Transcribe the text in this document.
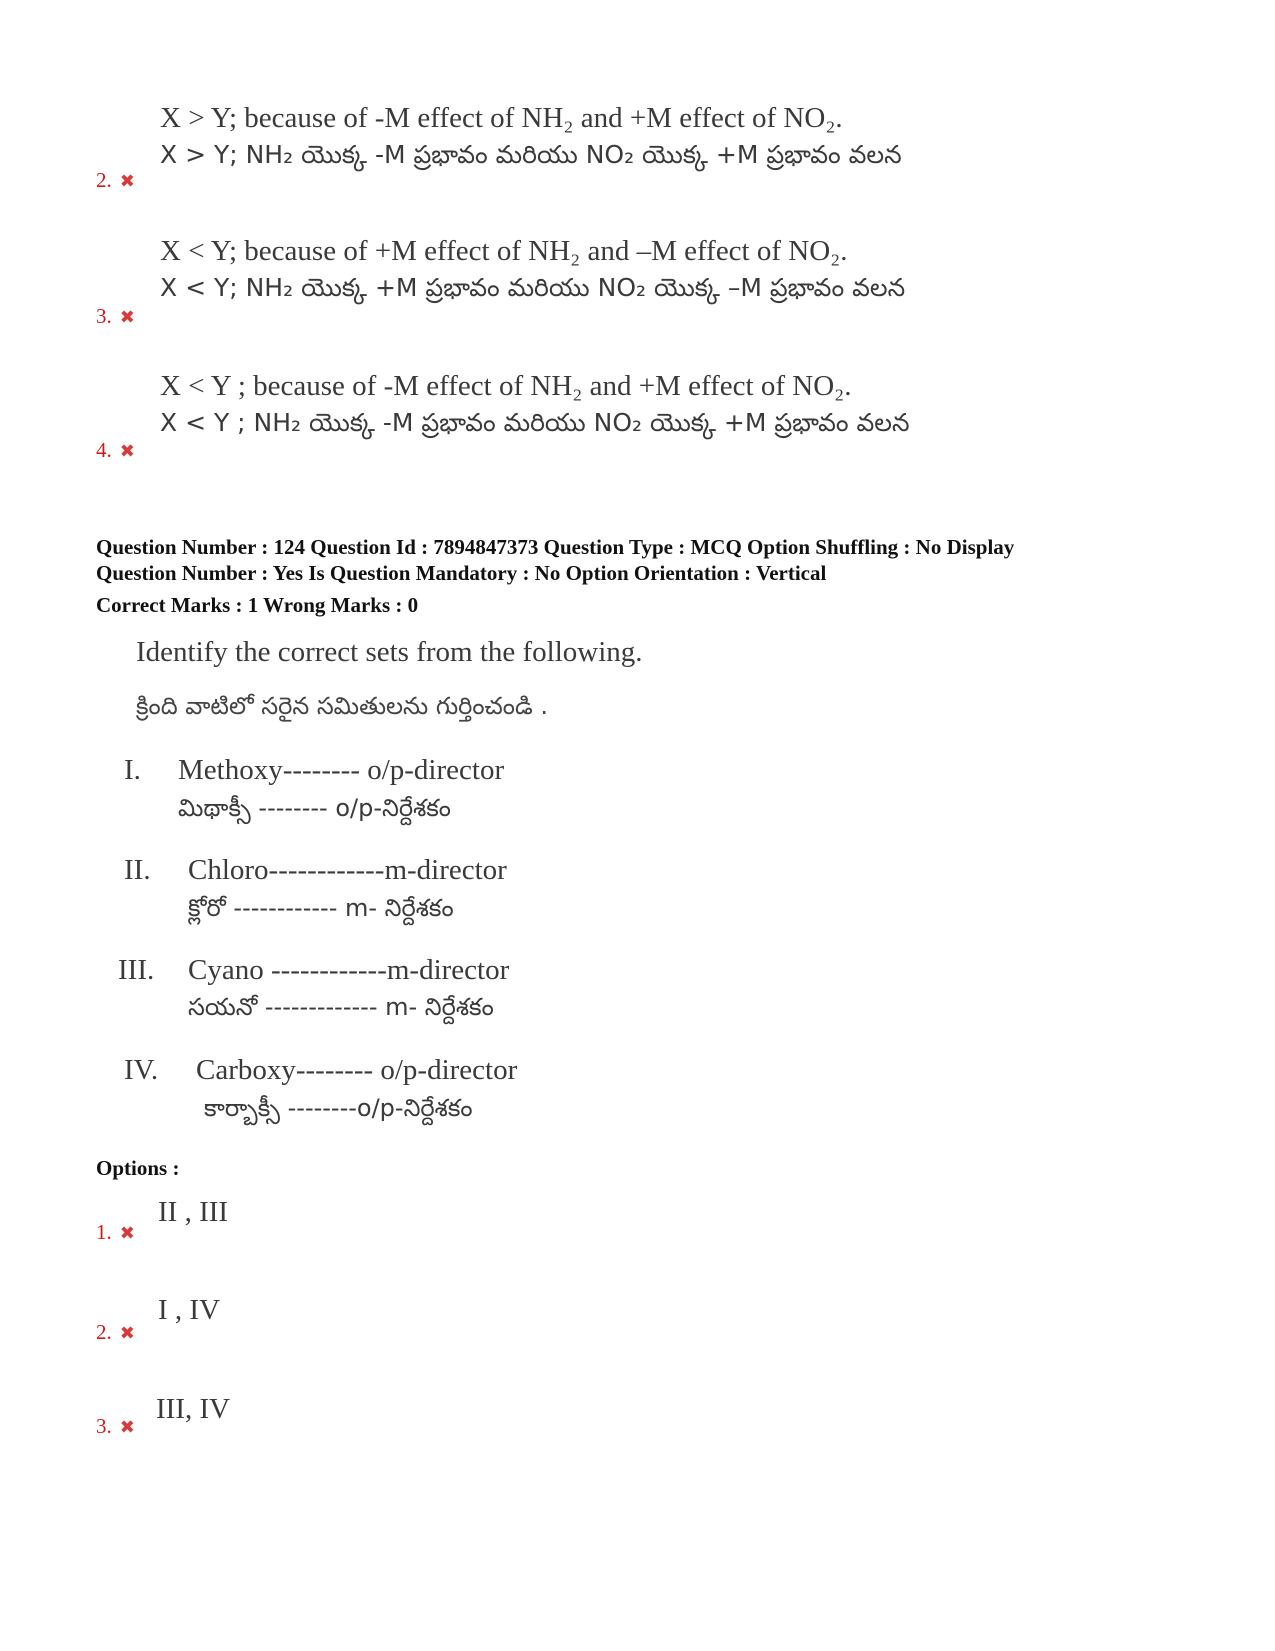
X > Y; because of -M effect of NH₂ and +M effect of NO₂.
X > Y; NH₂ యొక్క -M ప్రభావం మరియు NO₂ యొక్క +M ప్రభావం వలన
2. ✖
X < Y; because of +M effect of NH₂ and –M effect of NO₂.
X < Y; NH₂ యొక్క +M ప్రభావం మరియు NO₂ యొక్క –M ప్రభావం వలన
3. ✖
X < Y ; because of -M effect of NH₂ and +M effect of NO₂.
X < Y ; NH₂ యొక్క -M ప్రభావం మరియు NO₂ యొక్క +M ప్రభావం వలన
4. ✖
Question Number : 124 Question Id : 7894847373 Question Type : MCQ Option Shuffling : No Display
Question Number : Yes Is Question Mandatory : No Option Orientation : Vertical
Correct Marks : 1 Wrong Marks : 0
Identify the correct sets from the following.
క్రింది వాటిలో సరైన సమితులను గుర్తించండి .
I. Methoxy-------- o/p-director
మిథాక్సీ -------- o/p-నిర్దేశకం
II. Chloro------------m-director
క్లోరో ------------ m- నిర్దేశకం
III. Cyano ------------m-director
సయనో ------------- m- నిర్దేశకం
IV. Carboxy-------- o/p-director
కార్బాక్సీ --------o/p-నిర్దేశకం
Options :
II , III
1. ✖
I , IV
2. ✖
III, IV
3. ✖
